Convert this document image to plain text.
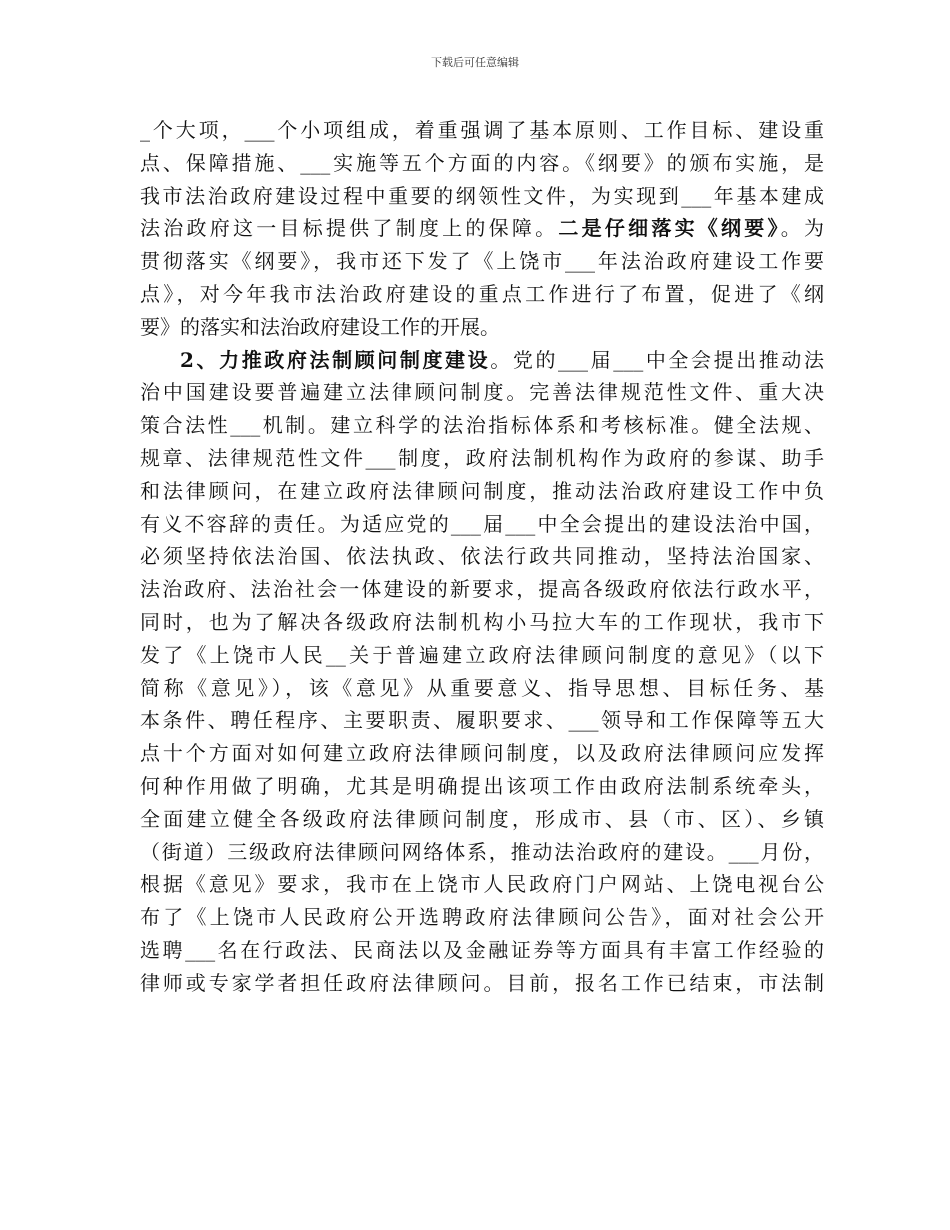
下载后可任意编辑
_个大项，___个小项组成，着重强调了基本原则、工作目标、建设重
点、保障措施、___实施等五个方面的内容。《纲要》的颁布实施，是
我市法治政府建设过程中重要的纲领性文件，为实现到___年基本建成
法治政府这一目标提供了制度上的保障。二是仔细落实《纲要》。为
贯彻落实《纲要》，我市还下发了《上饶市___年法治政府建设工作要
点》，对今年我市法治政府建设的重点工作进行了布置，促进了《纲
要》的落实和法治政府建设工作的开展。
2、力推政府法制顾问制度建设。党的___届___中全会提出推动法
治中国建设要普遍建立法律顾问制度。完善法律规范性文件、重大决
策合法性___机制。建立科学的法治指标体系和考核标准。健全法规、
规章、法律规范性文件___制度，政府法制机构作为政府的参谋、助手
和法律顾问，在建立政府法律顾问制度，推动法治政府建设工作中负
有义不容辞的责任。为适应党的___届___中全会提出的建设法治中国，
必须坚持依法治国、依法执政、依法行政共同推动，坚持法治国家、
法治政府、法治社会一体建设的新要求，提高各级政府依法行政水平，
同时，也为了解决各级政府法制机构小马拉大车的工作现状，我市下
发了《上饶市人民__关于普遍建立政府法律顾问制度的意见》（以下
简称《意见》），该《意见》从重要意义、指导思想、目标任务、基
本条件、聘任程序、主要职责、履职要求、___领导和工作保障等五大
点十个方面对如何建立政府法律顾问制度，以及政府法律顾问应发挥
何种作用做了明确，尤其是明确提出该项工作由政府法制系统牵头，
全面建立健全各级政府法律顾问制度，形成市、县（市、区）、乡镇
（街道）三级政府法律顾问网络体系，推动法治政府的建设。___月份，
根据《意见》要求，我市在上饶市人民政府门户网站、上饶电视台公
布了《上饶市人民政府公开选聘政府法律顾问公告》，面对社会公开
选聘___名在行政法、民商法以及金融证券等方面具有丰富工作经验的
律师或专家学者担任政府法律顾问。目前，报名工作已结束，市法制
